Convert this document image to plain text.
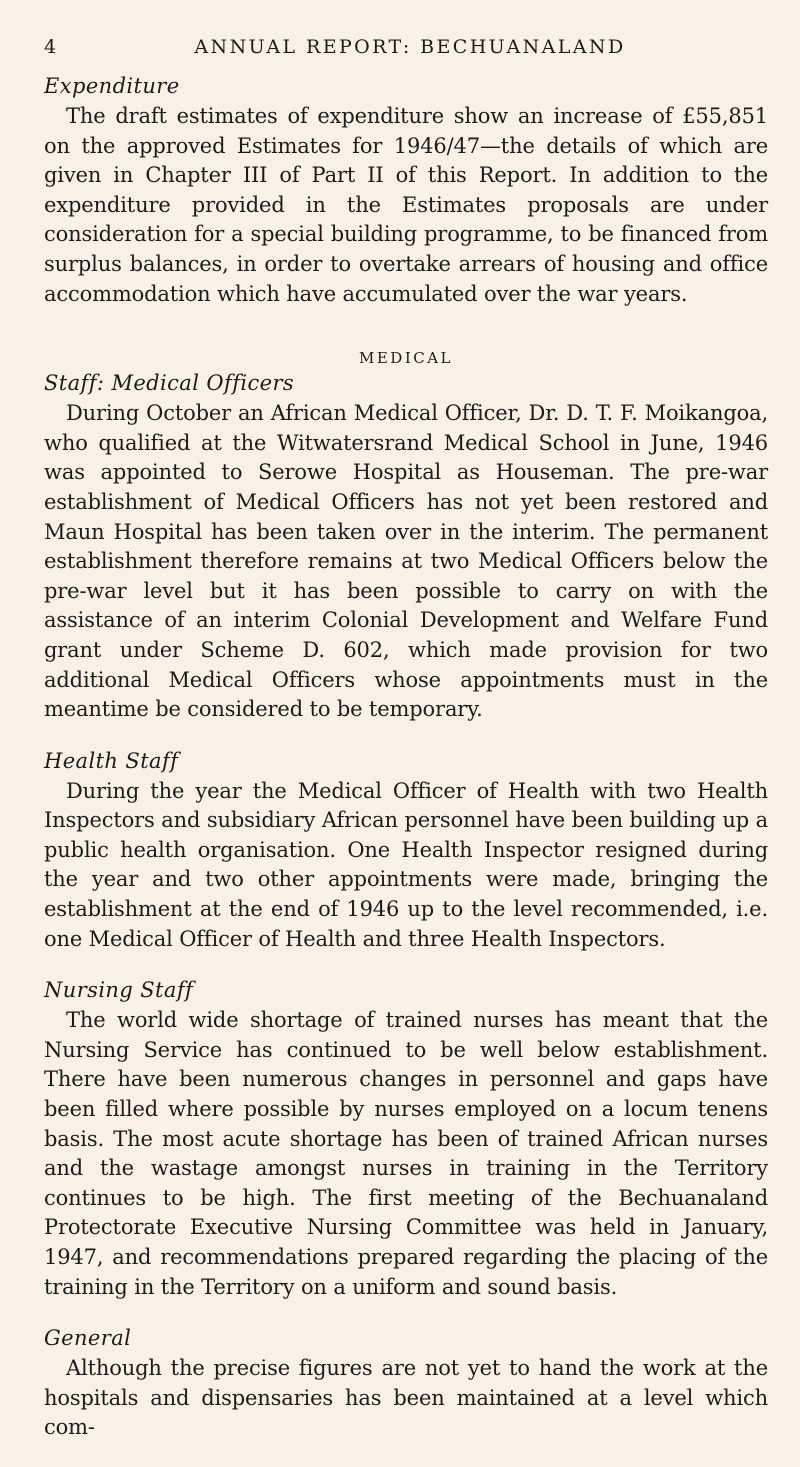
4	ANNUAL REPORT: BECHUANALAND
Expenditure

The draft estimates of expenditure show an increase of £55,851 on the approved Estimates for 1946/47—the details of which are given in Chapter III of Part II of this Report. In addition to the expenditure provided in the Estimates proposals are under consideration for a special building programme, to be financed from surplus balances, in order to overtake arrears of housing and office accommodation which have accumulated over the war years.

MEDICAL
Staff: Medical Officers

During October an African Medical Officer, Dr. D. T. F. Moikangoa, who qualified at the Witwatersrand Medical School in June, 1946 was appointed to Serowe Hospital as Houseman. The pre-war establishment of Medical Officers has not yet been restored and Maun Hospital has been taken over in the interim. The permanent establishment therefore remains at two Medical Officers below the pre-war level but it has been possible to carry on with the assistance of an interim Colonial Development and Welfare Fund grant under Scheme D. 602, which made provision for two additional Medical Officers whose appointments must in the meantime be considered to be temporary.

Health Staff

During the year the Medical Officer of Health with two Health Inspectors and subsidiary African personnel have been building up a public health organisation. One Health Inspector resigned during the year and two other appointments were made, bringing the establishment at the end of 1946 up to the level recommended, i.e. one Medical Officer of Health and three Health Inspectors.

Nursing Staff

The world wide shortage of trained nurses has meant that the Nursing Service has continued to be well below establishment. There have been numerous changes in personnel and gaps have been filled where possible by nurses employed on a locum tenens basis. The most acute shortage has been of trained African nurses and the wastage amongst nurses in training in the Territory continues to be high. The first meeting of the Bechuanaland Protectorate Executive Nursing Committee was held in January, 1947, and recommendations prepared regarding the placing of the training in the Territory on a uniform and sound basis.

General

Although the precise figures are not yet to hand the work at the hospitals and dispensaries has been maintained at a level which com-
